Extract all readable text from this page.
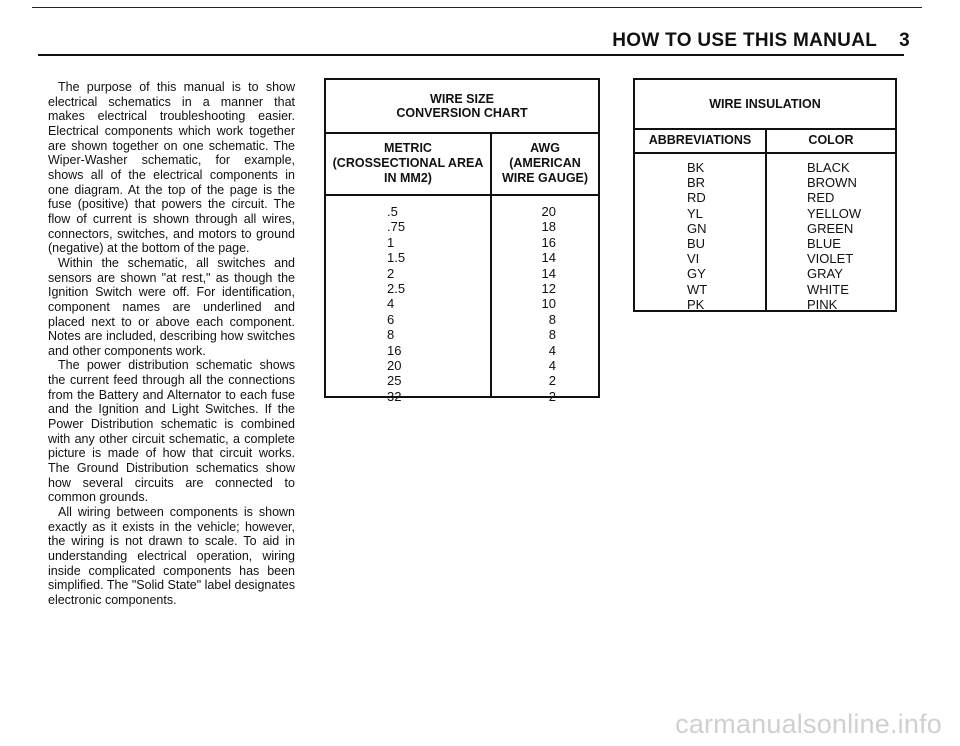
HOW TO USE THIS MANUAL 3

The purpose of this manual is to show electrical schematics in a manner that makes electrical troubleshooting easier. Electrical components which work together are shown together on one schematic. The Wiper-Washer schematic, for example, shows all of the electrical components in one diagram. At the top of the page is the fuse (positive) that powers the circuit. The flow of current is shown through all wires, connectors, switches, and motors to ground (negative) at the bottom of the page.

Within the schematic, all switches and sensors are shown "at rest," as though the Ignition Switch were off. For identification, component names are underlined and placed next to or above each component. Notes are included, describing how switches and other components work.

The power distribution schematic shows the current feed through all the connections from the Battery and Alternator to each fuse and the Ignition and Light Switches. If the Power Distribution schematic is combined with any other circuit schematic, a complete picture is made of how that circuit works. The Ground Distribution schematics show how several circuits are connected to common grounds.

All wiring between components is shown exactly as it exists in the vehicle; however, the wiring is not drawn to scale. To aid in understanding electrical operation, wiring inside complicated components has been simplified. The "Solid State" label designates electronic components.

WIRE SIZE
CONVERSION CHART
METRIC
(CROSSECTIONAL AREA
IN MM2)
AWG
(AMERICAN
WIRE GAUGE)
.5
.75
1
1.5
2
2.5
4
6
8
16
20
25
32
20
18
16
14
14
12
10
8
8
4
4
2
2
WIRE INSULATION
ABBREVIATIONS	COLOR
BK
BR
RD
YL
GN
BU
VI
GY
WT
PK
BLACK
BROWN
RED
YELLOW
GREEN
BLUE
VIOLET
GRAY
WHITE
PINK
carmanualsonline.info
